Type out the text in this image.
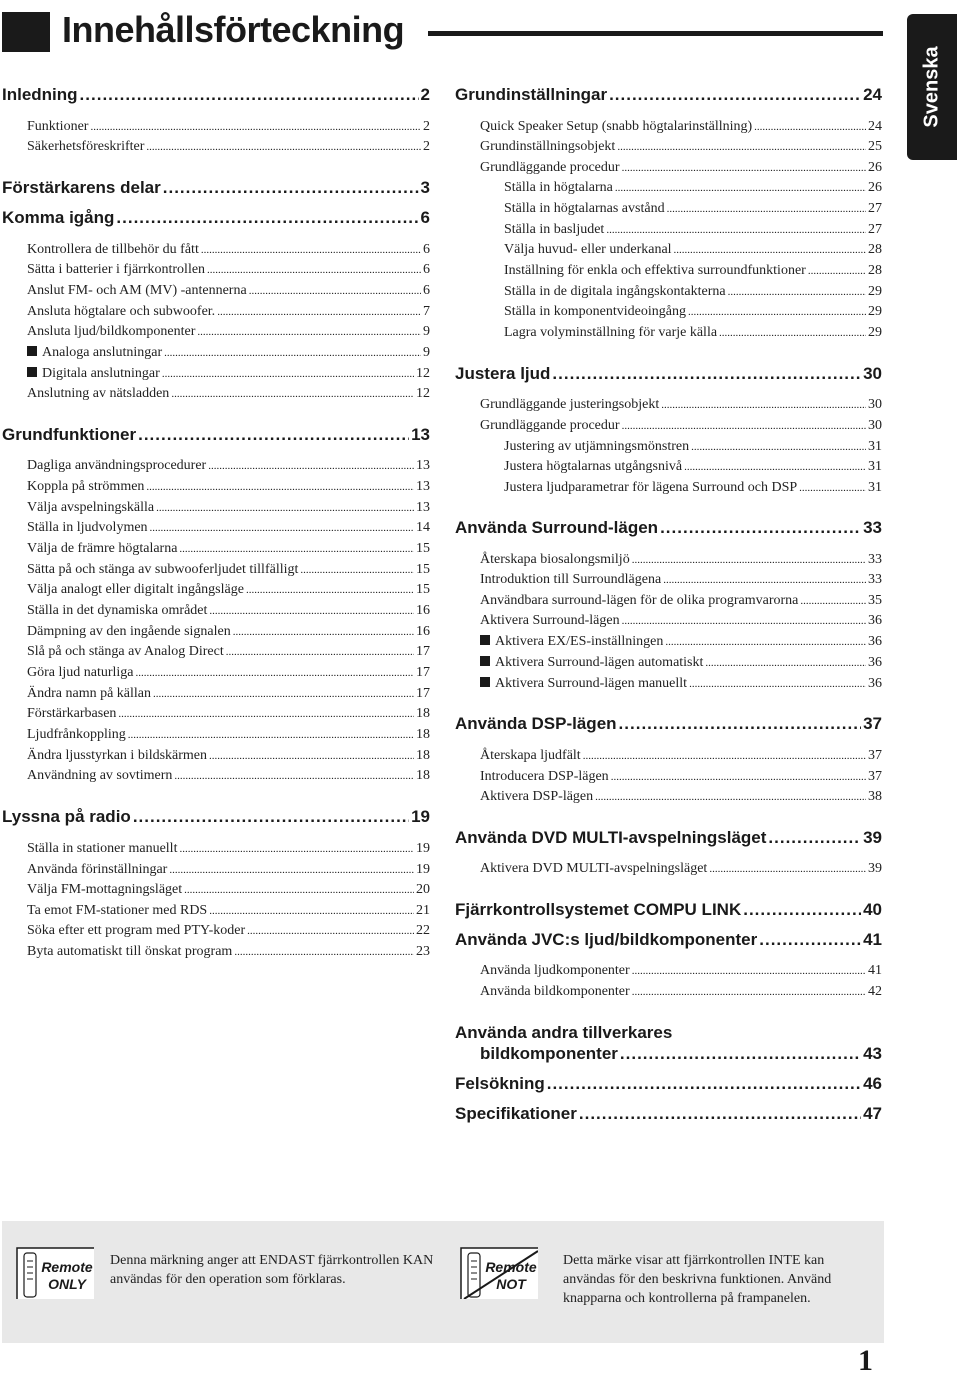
Innehållsförteckning
Svenska
Inledning .....	2
Funktioner .....	2
Säkerhetsföreskrifter .....	2
Förstärkarens delar .....	3
Komma igång .....	6
Kontrollera de tillbehör du fått .....	6
Sätta i batterier i fjärrkontrollen .....	6
Anslut FM- och AM (MV) -antennerna .....	6
Ansluta högtalare och subwoofer. .....	7
Ansluta ljud/bildkomponenter .....	9
Analoga anslutningar .....	9
Digitala anslutningar .....	12
Anslutning av nätsladden .....	12
Grundfunktioner .....	13
Dagliga användningsprocedurer .....	13
Koppla på strömmen .....	13
Välja avspelningskälla .....	13
Ställa in ljudvolymen .....	14
Välja de främre högtalarna .....	15
Sätta på och stänga av subwooferljudet tillfälligt .....	15
Välja analogt eller digitalt ingångsläge .....	15
Ställa in det dynamiska området .....	16
Dämpning av den ingående signalen .....	16
Slå på och stänga av Analog Direct .....	17
Göra ljud naturliga .....	17
Ändra namn på källan .....	17
Förstärkarbasen .....	18
Ljudfrånkoppling .....	18
Ändra ljusstyrkan i bildskärmen .....	18
Användning av sovtimern .....	18
Lyssna på radio .....	19
Ställa in stationer manuellt .....	19
Använda förinställningar .....	19
Välja FM-mottagningsläget .....	20
Ta emot FM-stationer med RDS .....	21
Söka efter ett program med PTY-koder .....	22
Byta automatiskt till önskat program .....	23
Grundinställningar .....	24
Quick Speaker Setup (snabb högtalarinställning) .....	24
Grundinställningsobjekt .....	25
Grundläggande procedur .....	26
Ställa in högtalarna .....	26
Ställa in högtalarnas avstånd .....	27
Ställa in basljudet .....	27
Välja huvud- eller underkanal .....	28
Inställning för enkla och effektiva surroundfunktioner .....	28
Ställa in de digitala ingångskontakterna .....	29
Ställa in komponentvideoingång .....	29
Lagra volyminställning för varje källa .....	29
Justera ljud .....	30
Grundläggande justeringsobjekt .....	30
Grundläggande procedur .....	30
Justering av utjämningsmönstren .....	31
Justera högtalarnas utgångsnivå .....	31
Justera ljudparametrar för lägena Surround och DSP .....	31
Använda Surround-lägen .....	33
Återskapa biosalongsmiljö .....	33
Introduktion till Surroundlägena .....	33
Användbara surround-lägen för de olika programvarorna .....	35
Aktivera Surround-lägen .....	36
Aktivera EX/ES-inställningen .....	36
Aktivera Surround-lägen automatiskt .....	36
Aktivera Surround-lägen manuellt .....	36
Använda DSP-lägen .....	37
Återskapa ljudfält .....	37
Introducera DSP-lägen .....	37
Aktivera DSP-lägen .....	38
Använda DVD MULTI-avspelningsläget .....	39
Aktivera DVD MULTI-avspelningsläget .....	39
Fjärrkontrollsystemet COMPU LINK .....	40
Använda JVC:s ljud/bildkomponenter .....	41
Använda ljudkomponenter .....	41
Använda bildkomponenter .....	42
Använda andra tillverkares
bildkomponenter .....	43
Felsökning .....	46
Specifikationer .....	47
Remote
ONLY
Denna märkning anger att ENDAST fjärrkontrollen KAN användas för den operation som förklaras.
Remote
NOT
Detta märke visar att fjärrkontrollen INTE kan användas för den beskrivna funktionen. Använd knapparna och kontrollerna på frampanelen.
1
